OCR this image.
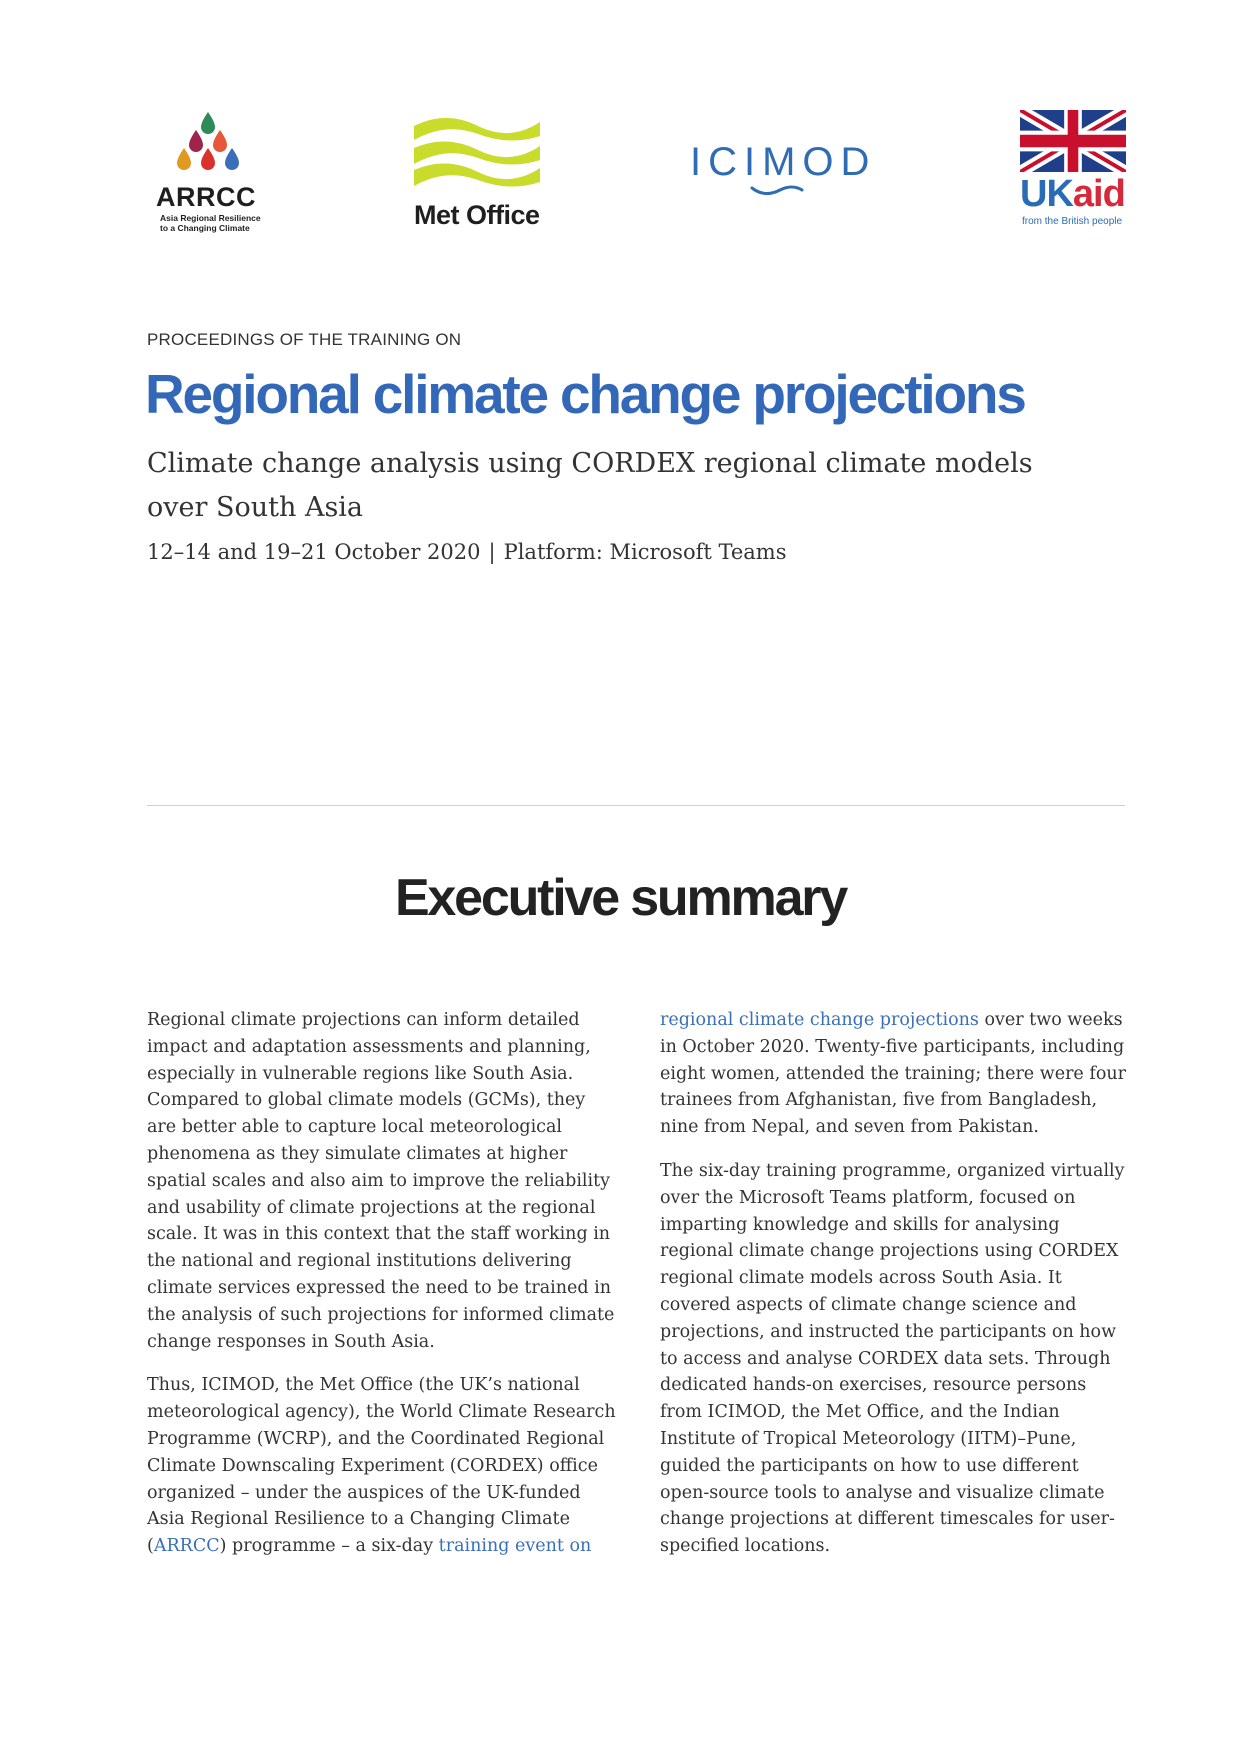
ARRCC
Asia Regional Resilience
to a Changing Climate	Met Office
ICIMOD
UKaid
from the British people
PROCEEDINGS OF THE TRAINING ON
Regional climate change projections
Climate change analysis using CORDEX regional climate models over South Asia
12–14 and 19–21 October 2020 | Platform: Microsoft Teams
Executive summary

Regional climate projections can inform detailed impact and adaptation assessments and planning, especially in vulnerable regions like South Asia. Compared to global climate models (GCMs), they are better able to capture local meteorological phenomena as they simulate climates at higher spatial scales and also aim to improve the reliability and usability of climate projections at the regional scale. It was in this context that the staff working in the national and regional institutions delivering climate services expressed the need to be trained in the analysis of such projections for informed climate change responses in South Asia.

Thus, ICIMOD, the Met Office (the UK’s national meteorological agency), the World Climate Research Programme (WCRP), and the Coordinated Regional Climate Downscaling Experiment (CORDEX) office organized – under the auspices of the UK-funded Asia Regional Resilience to a Changing Climate (ARRCC) programme – a six-day training event on

regional climate change projections over two weeks in October 2020. Twenty-five participants, including eight women, attended the training; there were four trainees from Afghanistan, five from Bangladesh, nine from Nepal, and seven from Pakistan.

The six-day training programme, organized virtually over the Microsoft Teams platform, focused on imparting knowledge and skills for analysing regional climate change projections using CORDEX regional climate models across South Asia. It covered aspects of climate change science and projections, and instructed the participants on how to access and analyse CORDEX data sets. Through dedicated hands-on exercises, resource persons from ICIMOD, the Met Office, and the Indian Institute of Tropical Meteorology (IITM)–Pune, guided the participants on how to use different open-source tools to analyse and visualize climate change projections at different timescales for user-specified locations.
